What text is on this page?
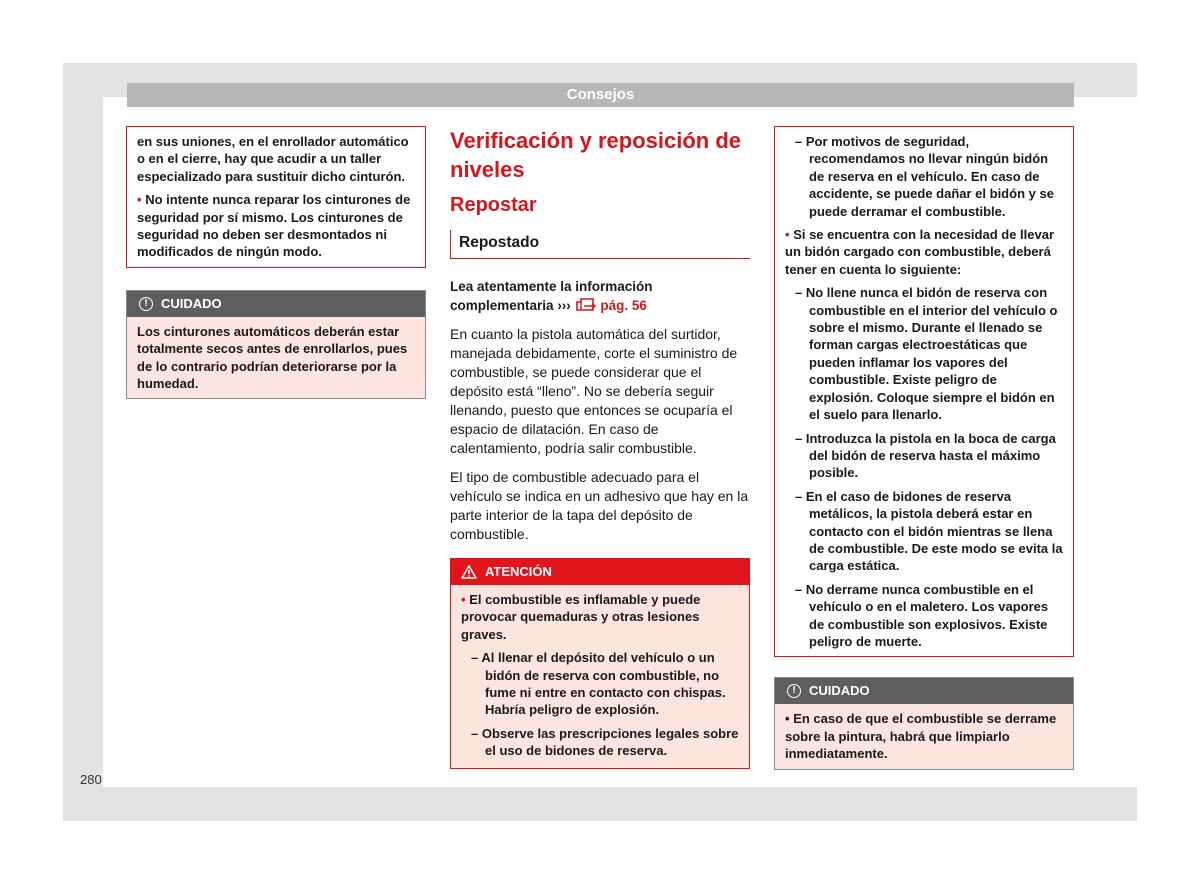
Consejos

en sus uniones, en el enrollador automático o en el cierre, hay que acudir a un taller especializado para sustituir dicho cinturón.

• No intente nunca reparar los cinturones de seguridad por sí mismo. Los cinturones de seguridad no deben ser desmontados ni modificados de ningún modo.

!	CUIDADO
Los cinturones automáticos deberán estar totalmente secos antes de enrollarlos, pues de lo contrario podrían deteriorarse por la humedad.
Verificación y reposición de niveles
Repostar
Repostado
Lea atentamente la información complementaria ››› pág. 56

En cuanto la pistola automática del surtidor, manejada debidamente, corte el suministro de combustible, se puede considerar que el depósito está “lleno”. No se debería seguir llenando, puesto que entonces se ocuparía el espacio de dilatación. En caso de calentamiento, podría salir combustible.

El tipo de combustible adecuado para el vehículo se indica en un adhesivo que hay en la parte interior de la tapa del depósito de combustible.

ATENCIÓN

• El combustible es inflamable y puede provocar quemaduras y otras lesiones graves.

– Al llenar el depósito del vehículo o un bidón de reserva con combustible, no fume ni entre en contacto con chispas. Habría peligro de explosión.

– Observe las prescripciones legales sobre el uso de bidones de reserva.

– Por motivos de seguridad, recomendamos no llevar ningún bidón de reserva en el vehículo. En caso de accidente, se puede dañar el bidón y se puede derramar el combustible.

• Si se encuentra con la necesidad de llevar un bidón cargado con combustible, deberá tener en cuenta lo siguiente:

– No llene nunca el bidón de reserva con combustible en el interior del vehículo o sobre el mismo. Durante el llenado se forman cargas electroestáticas que pueden inflamar los vapores del combustible. Existe peligro de explosión. Coloque siempre el bidón en el suelo para llenarlo.

– Introduzca la pistola en la boca de carga del bidón de reserva hasta el máximo posible.

– En el caso de bidones de reserva metálicos, la pistola deberá estar en contacto con el bidón mientras se llena de combustible. De este modo se evita la carga estática.

– No derrame nunca combustible en el vehículo o en el maletero. Los vapores de combustible son explosivos. Existe peligro de muerte.

!	CUIDADO
• En caso de que el combustible se derrame sobre la pintura, habrá que limpiarlo inmediatamente.
280
